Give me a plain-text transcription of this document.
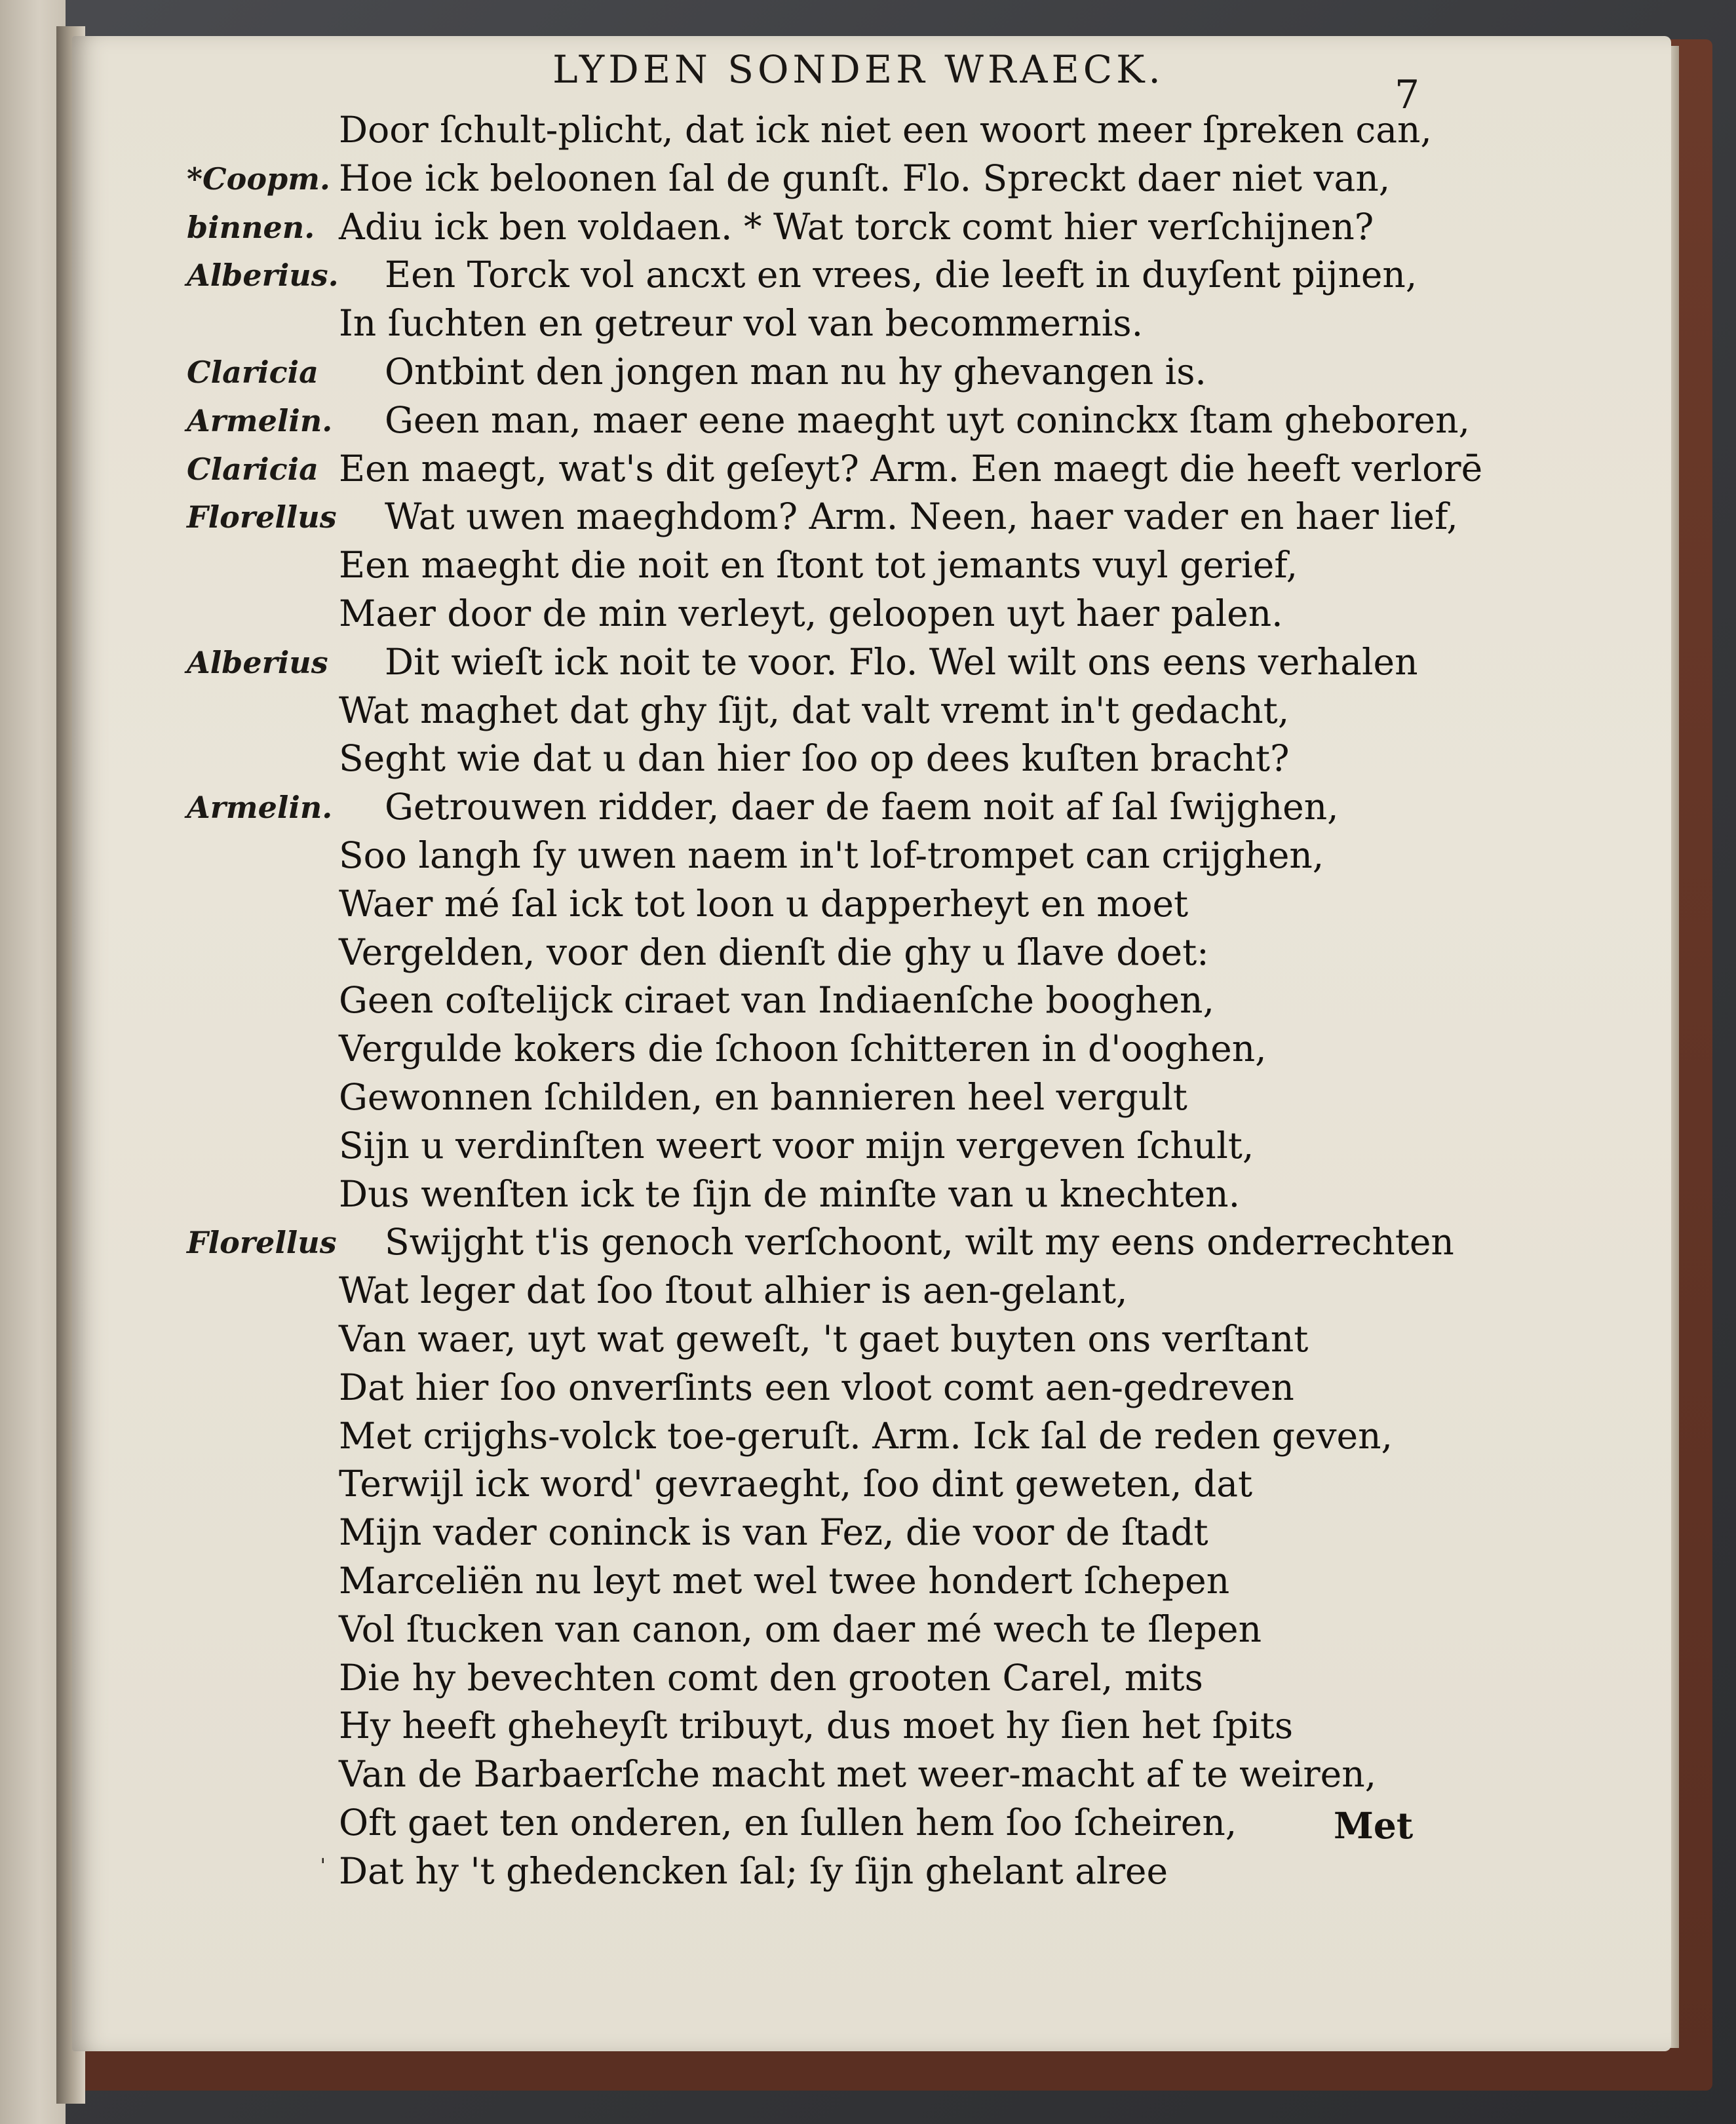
LYDEN SONDER WRAECK.
7
Door ſchult-plicht, dat ick niet een woort meer ſpreken can,
*Coopm. Hoe ick beloonen ſal de gunſt. Flo. Spreckt daer niet van,
binnen. Adiu ick ben voldaen. * Wat torck comt hier verſchijnen?
Alberius. Een Torck vol ancxt en vrees, die leeft in duyſent pijnen,
In ſuchten en getreur vol van becommernis.
Claricia Ontbint den jongen man nu hy ghevangen is.
Armelin. Geen man, maer eene maeght uyt coninckx ſtam gheboren,
Claricia Een maegt, wat's dit geſeyt? Arm. Een maegt die heeft verlorē
Florellus Wat uwen maeghdom? Arm. Neen, haer vader en haer lief,
Een maeght die noit en ſtont tot jemants vuyl gerief,
Maer door de min verleyt, geloopen uyt haer palen.
Alberius Dit wieſt ick noit te voor. Flo. Wel wilt ons eens verhalen
Wat maghet dat ghy ſijt, dat valt vremt in't gedacht,
Seght wie dat u dan hier ſoo op dees kuſten bracht?
Armelin. Getrouwen ridder, daer de faem noit af ſal ſwijghen,
Soo langh ſy uwen naem in't lof-trompet can crijghen,
Waer mé ſal ick tot loon u dapperheyt en moet
Vergelden, voor den dienſt die ghy u ſlave doet:
Geen coſtelijck ciraet van Indiaenſche booghen,
Vergulde kokers die ſchoon ſchitteren in d'ooghen,
Gewonnen ſchilden, en bannieren heel vergult
Sijn u verdinſten weert voor mijn vergeven ſchult,
Dus wenſten ick te ſijn de minſte van u knechten.
Florellus Swijght t'is genoch verſchoont, wilt my eens onderrechten
Wat leger dat ſoo ſtout alhier is aen-gelant,
Van waer, uyt wat geweſt, 't gaet buyten ons verſtant
Dat hier ſoo onverſints een vloot comt aen-gedreven
Met crijghs-volck toe-geruſt. Arm. Ick ſal de reden geven,
Terwijl ick word' gevraeght, ſoo dint geweten, dat
Mijn vader coninck is van Fez, die voor de ſtadt
Marceliën nu leyt met wel twee hondert ſchepen
Vol ſtucken van canon, om daer mé wech te ſlepen
Die hy bevechten comt den grooten Carel, mits
Hy heeft gheheyſt tribuyt, dus moet hy ſien het ſpits
Van de Barbaerſche macht met weer-macht af te weiren,
Oft gaet ten onderen, en ſullen hem ſoo ſcheiren,
Dat hy 't ghedencken ſal; ſy ſijn ghelant alree
Met
ˈ
